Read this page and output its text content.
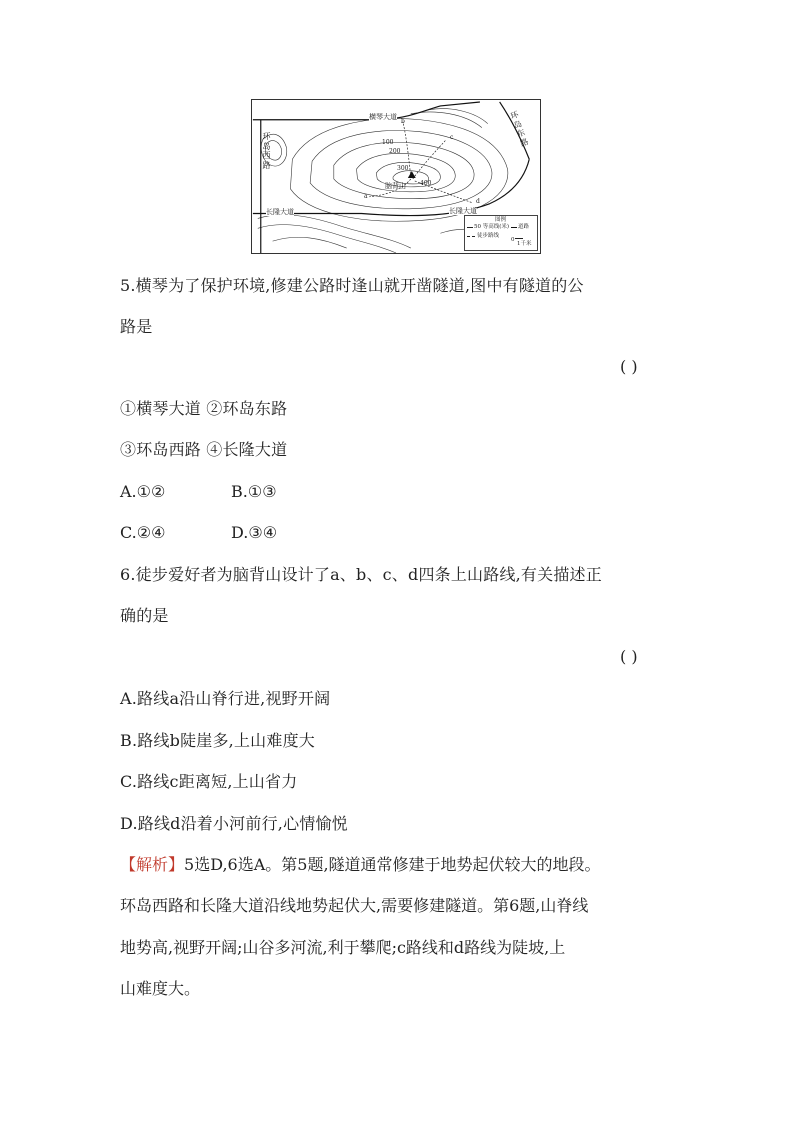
横琴大道
长隆大道
长隆大道
脑背山
100
200
300
400
a
b
c
d
环岛西路
环岛东路
图例
50 等高线(米) 道路
徒步路线
0
1千米
5.横琴为了保护环境,修建公路时逢山就开凿隧道,图中有隧道的公
路是
( )
①横琴大道 ②环岛东路
③环岛西路 ④长隆大道
A.①②	B.①③
C.②④	D.③④
6.徒步爱好者为脑背山设计了a、b、c、d四条上山路线,有关描述正
确的是
( )
A.路线a沿山脊行进,视野开阔
B.路线b陡崖多,上山难度大
C.路线c距离短,上山省力
D.路线d沿着小河前行,心情愉悦
【解析】5选D,6选A。第5题,隧道通常修建于地势起伏较大的地段。
环岛西路和长隆大道沿线地势起伏大,需要修建隧道。第6题,山脊线
地势高,视野开阔;山谷多河流,利于攀爬;c路线和d路线为陡坡,上
山难度大。
